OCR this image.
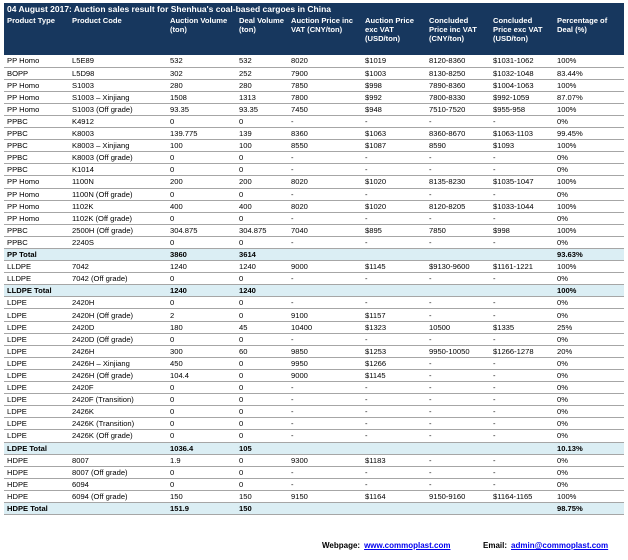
04 August 2017: Auction sales result for Shenhua's coal-based cargoes in China
Product Type	Product Code	Auction Volume (ton)	Deal Volume (ton)	Auction Price inc VAT (CNY/ton)	Auction Price exc VAT (USD/ton)	Concluded Price inc VAT (CNY/ton)	Concluded Price exc VAT (USD/ton)	Percentage of Deal (%)
PP Homo	L5E89	532	532	8020	$1019	8120-8360	$1031-1062	100%
BOPP	L5D98	302	252	7900	$1003	8130-8250	$1032-1048	83.44%
PP Homo	S1003	280	280	7850	$998	7890-8360	$1004-1063	100%
PP Homo	S1003 – Xinjiang	1508	1313	7800	$992	7800-8330	$992-1059	87.07%
PP Homo	S1003 (Off grade)	93.35	93.35	7450	$948	7510-7520	$955-958	100%
PPBC	K4912	0	0	-	-	-	-	0%
PPBC	K8003	139.775	139	8360	$1063	8360-8670	$1063-1103	99.45%
PPBC	K8003 – Xinjiang	100	100	8550	$1087	8590	$1093	100%
PPBC	K8003 (Off grade)	0	0	-	-	-	-	0%
PPBC	K1014	0	0	-	-	-	-	0%
PP Homo	1100N	200	200	8020	$1020	8135-8230	$1035-1047	100%
PP Homo	1100N (Off grade)	0	0	-	-	-	-	0%
PP Homo	1102K	400	400	8020	$1020	8120-8205	$1033-1044	100%
PP Homo	1102K (Off grade)	0	0	-	-	-	-	0%
PPBC	2500H (Off grade)	304.875	304.875	7040	$895	7850	$998	100%
PPBC	2240S	0	0	-	-	-	-	0%
PP Total		3860	3614					93.63%
LLDPE	7042	1240	1240	9000	$1145	$9130-9600	$1161-1221	100%
LLDPE	7042 (Off grade)	0	0	-	-	-	-	0%
LLDPE Total		1240	1240					100%
LDPE	2420H	0	0	-	-	-	-	0%
LDPE	2420H (Off grade)	2	0	9100	$1157	-	-	0%
LDPE	2420D	180	45	10400	$1323	10500	$1335	25%
LDPE	2420D (Off grade)	0	0	-	-	-	-	0%
LDPE	2426H	300	60	9850	$1253	9950-10050	$1266-1278	20%
LDPE	2426H – Xinjiang	450	0	9950	$1266	-	-	0%
LDPE	2426H (Off grade)	104.4	0	9000	$1145	-	-	0%
LDPE	2420F	0	0	-	-	-	-	0%
LDPE	2420F (Transition)	0	0	-	-	-	-	0%
LDPE	2426K	0	0	-	-	-	-	0%
LDPE	2426K (Transition)	0	0	-	-	-	-	0%
LDPE	2426K (Off grade)	0	0	-	-	-	-	0%
LDPE Total		1036.4	105					10.13%
HDPE	8007	1.9	0	9300	$1183	-	-	0%
HDPE	8007 (Off grade)	0	0	-	-	-	-	0%
HDPE	6094	0	0	-	-	-	-	0%
HDPE	6094 (Off grade)	150	150	9150	$1164	9150-9160	$1164-1165	100%
HDPE Total		151.9	150					98.75%
Webpage: www.commoplast.com	Email: admin@commoplast.com
